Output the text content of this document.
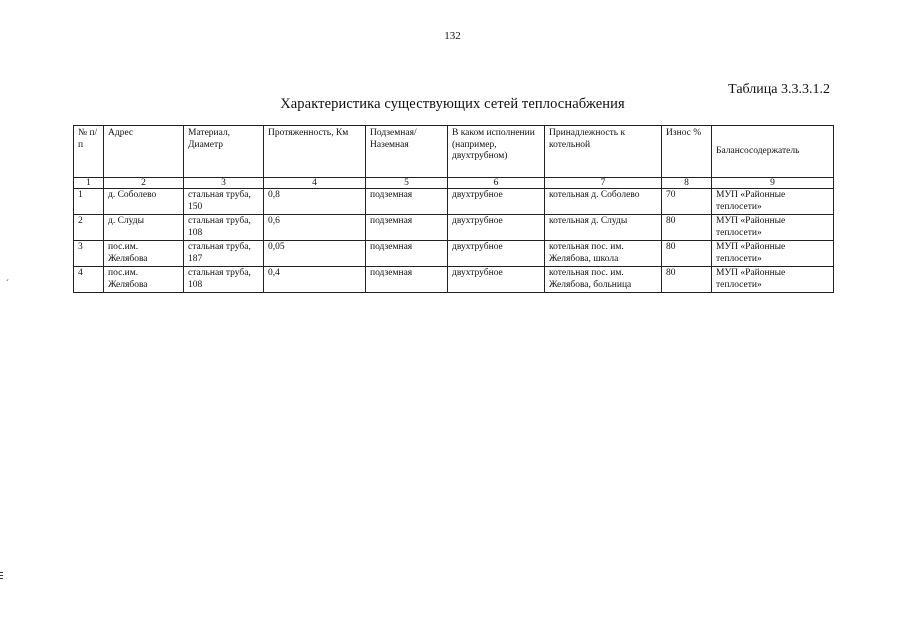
132
Таблица 3.3.3.1.2
Характеристика существующих сетей теплоснабжения
№ п/п	Адрес	Материал, Диаметр	Протяженность, Км	Подземная/ Наземная	В каком исполнении (например, двухтрубном)	Принадлежность к котельной	Износ %	Балансосодержатель
1	2	3	4	5	6	7	8	9
1	д. Соболево	стальная труба, 150	0,8	подземная	двухтрубное	котельная д. Соболево	70	МУП «Районные теплосети»
2	д. Слуды	стальная труба, 108	0,6	подземная	двухтрубное	котельная д. Слуды	80	МУП «Районные теплосети»
3	пос.им. Желябова	стальная труба, 187	0,05	подземная	двухтрубное	котельная пос. им. Желябова, школа	80	МУП «Районные теплосети»
4	пос.им. Желябова	стальная труба, 108	0,4	подземная	двухтрубное	котельная пос. им. Желябова, больница	80	МУП «Районные теплосети»
´
